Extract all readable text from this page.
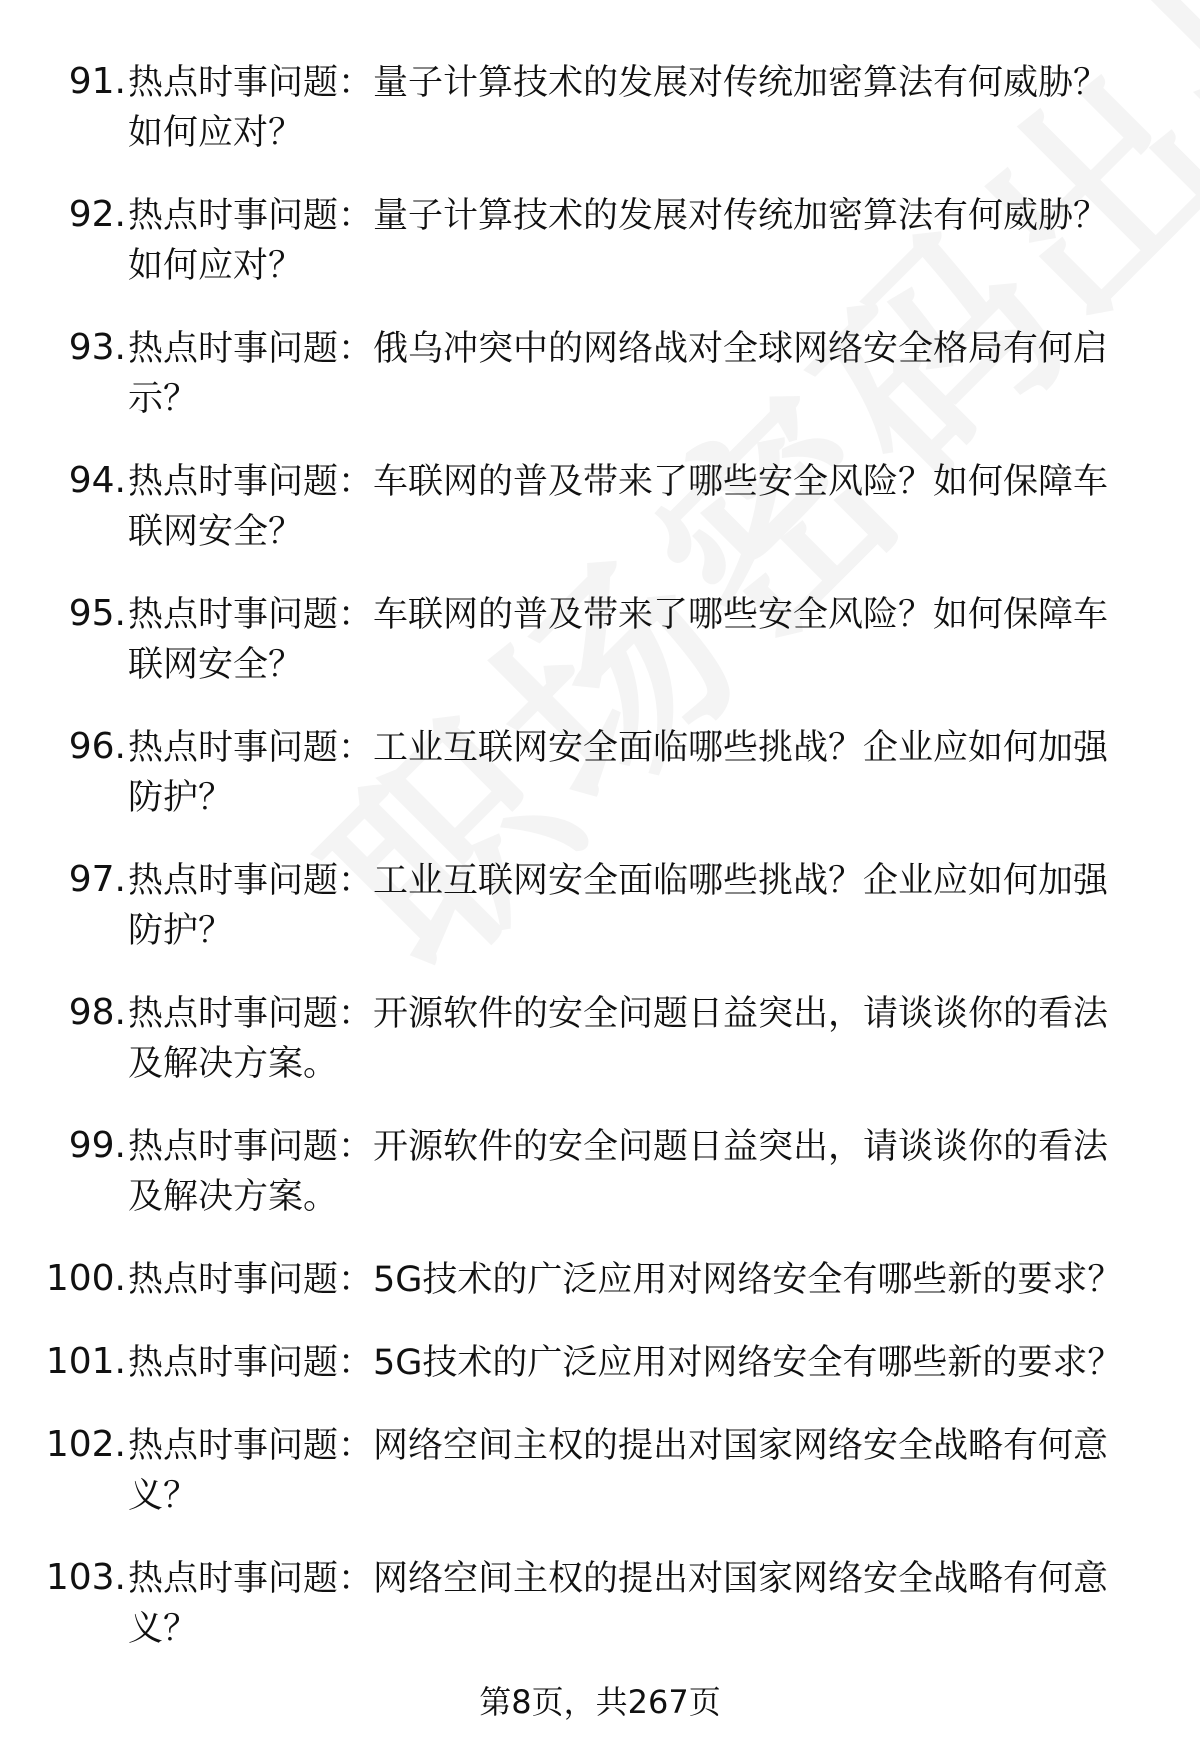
91. 热点时事问题：量子计算技术的发展对传统加密算法有何威胁？如何应对？
92. 热点时事问题：量子计算技术的发展对传统加密算法有何威胁？如何应对？
93. 热点时事问题：俄乌冲突中的网络战对全球网络安全格局有何启示？
94. 热点时事问题：车联网的普及带来了哪些安全风险？如何保障车联网安全？
95. 热点时事问题：车联网的普及带来了哪些安全风险？如何保障车联网安全？
96. 热点时事问题：工业互联网安全面临哪些挑战？企业应如何加强防护？
97. 热点时事问题：工业互联网安全面临哪些挑战？企业应如何加强防护？
98. 热点时事问题：开源软件的安全问题日益突出，请谈谈你的看法及解决方案。
99. 热点时事问题：开源软件的安全问题日益突出，请谈谈你的看法及解决方案。
100. 热点时事问题：5G技术的广泛应用对网络安全有哪些新的要求？
101. 热点时事问题：5G技术的广泛应用对网络安全有哪些新的要求？
102. 热点时事问题：网络空间主权的提出对国家网络安全战略有何意义？
103. 热点时事问题：网络空间主权的提出对国家网络安全战略有何意义？
第8页，共267页
